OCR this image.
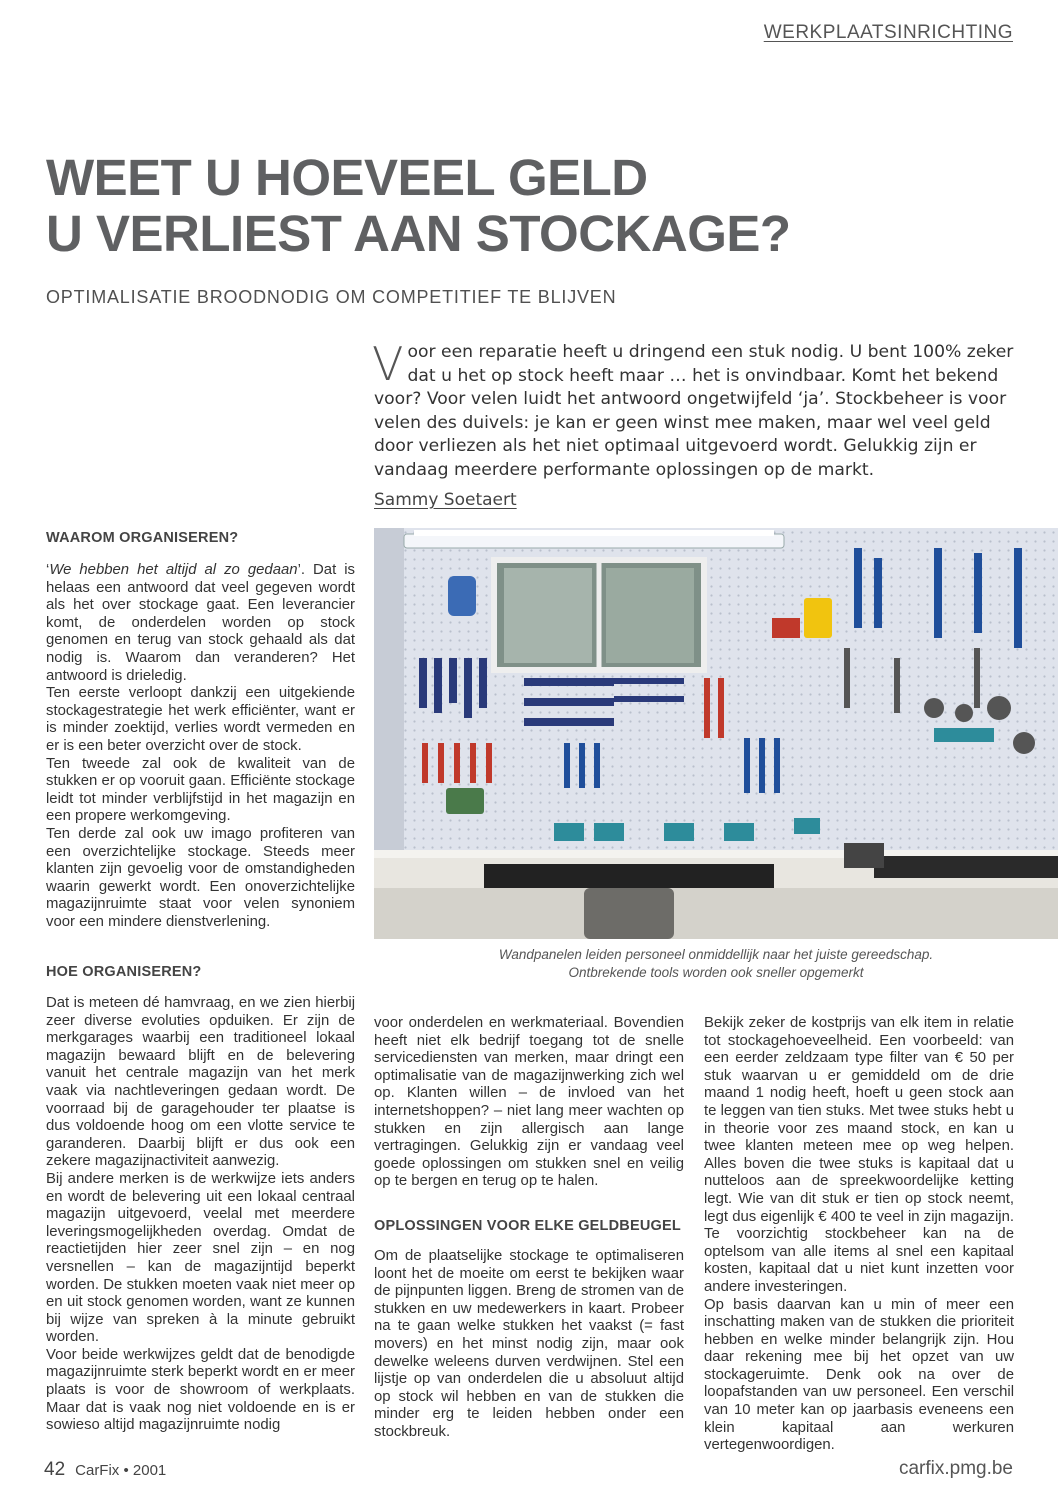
WERKPLAATSINRICHTING
WEET U HOEVEEL GELD
U VERLIEST AAN STOCKAGE?
OPTIMALISATIE BROODNODIG OM COMPETITIEF TE BLIJVEN

Voor een reparatie heeft u dringend een stuk nodig. U bent 100% zeker dat u het op stock heeft maar … het is onvindbaar. Komt het bekend voor? Voor velen luidt het antwoord ongetwijfeld ‘ja’. Stockbeheer is voor velen des duivels: je kan er geen winst mee maken, maar wel veel geld door verliezen als het niet optimaal uitgevoerd wordt. Gelukkig zijn er vandaag meerdere performante oplossingen op de markt.

Sammy Soetaert
WAAROM ORGANISEREN?

‘We hebben het altijd al zo gedaan’. Dat is helaas een antwoord dat veel gegeven wordt als het over stockage gaat. Een leverancier komt, de onderdelen worden op stock genomen en terug van stock gehaald als dat nodig is. Waarom dan veranderen? Het antwoord is drieledig.

Ten eerste verloopt dankzij een uitgekiende stockagestrategie het werk efficiënter, want er is minder zoektijd, verlies wordt vermeden en er is een beter overzicht over de stock.

Ten tweede zal ook de kwaliteit van de stukken er op vooruit gaan. Efficiënte stockage leidt tot minder verblijfstijd in het magazijn en een propere werkomgeving.

Ten derde zal ook uw imago profiteren van een overzichtelijke stockage. Steeds meer klanten zijn gevoelig voor de omstandigheden waarin gewerkt wordt. Een onoverzichtelijke magazijnruimte staat voor velen synoniem voor een mindere dienstverlening.

HOE ORGANISEREN?

Dat is meteen dé hamvraag, en we zien hierbij zeer diverse evoluties opduiken. Er zijn de merkgarages waarbij een traditioneel lokaal magazijn bewaard blijft en de belevering vanuit het centrale magazijn van het merk vaak via nachtleveringen gedaan wordt. De voorraad bij de garagehouder ter plaatse is dus voldoende hoog om een vlotte service te garanderen. Daarbij blijft er dus ook een zekere magazijnactiviteit aanwezig.

Bij andere merken is de werkwijze iets anders en wordt de belevering uit een lokaal centraal magazijn uitgevoerd, veelal met meerdere leveringsmogelijkheden overdag. Omdat de reactietijden hier zeer snel zijn – en nog versnellen – kan de magazijntijd beperkt worden. De stukken moeten vaak niet meer op en uit stock genomen worden, want ze kunnen bij wijze van spreken à la minute gebruikt worden.

Voor beide werkwijzes geldt dat de benodigde magazijnruimte sterk beperkt wordt en er meer plaats is voor de showroom of werkplaats. Maar dat is vaak nog niet voldoende en is er sowieso altijd magazijnruimte nodig

Wandpanelen leiden personeel onmiddellijk naar het juiste gereedschap.
Ontbrekende tools worden ook sneller opgemerkt

voor onderdelen en werkmateriaal. Bovendien heeft niet elk bedrijf toegang tot de snelle servicediensten van merken, maar dringt een optimalisatie van de magazijnwerking zich wel op. Klanten willen – de invloed van het internetshoppen? – niet lang meer wachten op stukken en zijn allergisch aan lange vertragingen. Gelukkig zijn er vandaag veel goede oplossingen om stukken snel en veilig op te bergen en terug op te halen.

OPLOSSINGEN VOOR ELKE GELDBEUGEL

Om de plaatselijke stockage te optimaliseren loont het de moeite om eerst te bekijken waar de pijnpunten liggen. Breng de stromen van de stukken en uw medewerkers in kaart. Probeer na te gaan welke stukken het vaakst (= fast movers) en het minst nodig zijn, maar ook dewelke weleens durven verdwijnen. Stel een lijstje op van onderdelen die u absoluut altijd op stock wil hebben en van de stukken die minder erg te leiden hebben onder een stockbreuk.

Bekijk zeker de kostprijs van elk item in relatie tot stockagehoeveelheid. Een voorbeeld: van een eerder zeldzaam type filter van € 50 per stuk waarvan u er gemiddeld om de drie maand 1 nodig heeft, hoeft u geen stock aan te leggen van tien stuks. Met twee stuks hebt u in theorie voor zes maand stock, en kan u twee klanten meteen mee op weg helpen. Alles boven die twee stuks is kapitaal dat u nutteloos aan de spreekwoordelijke ketting legt. Wie van dit stuk er tien op stock neemt, legt dus eigenlijk € 400 te veel in zijn magazijn. Te voorzichtig stockbeheer kan na de optelsom van alle items al snel een kapitaal kosten, kapitaal dat u niet kunt inzetten voor andere investeringen.

Op basis daarvan kan u min of meer een inschatting maken van de stukken die prioriteit hebben en welke minder belangrijk zijn. Hou daar rekening mee bij het opzet van uw stockageruimte. Denk ook na over de loopafstanden van uw personeel. Een verschil van 10 meter kan op jaarbasis eveneens een klein kapitaal aan werkuren vertegenwoordigen.

42 CarFix • 2001	carfix.pmg.be
